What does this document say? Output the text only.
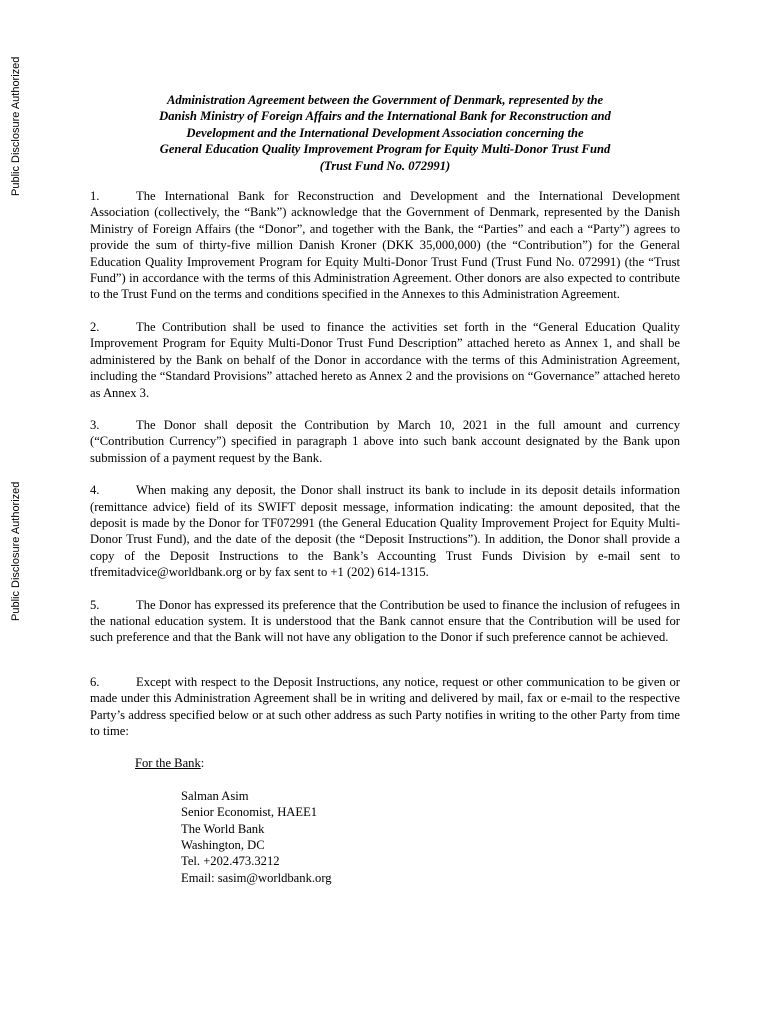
Public Disclosure Authorized
Public Disclosure Authorized
Administration Agreement between the Government of Denmark, represented by the
Danish Ministry of Foreign Affairs and the International Bank for Reconstruction and
Development and the International Development Association concerning the
General Education Quality Improvement Program for Equity Multi-Donor Trust Fund
(Trust Fund No. 072991)

1.	The International Bank for Reconstruction and Development and the International Development Association (collectively, the “Bank”) acknowledge that the Government of Denmark, represented by the Danish Ministry of Foreign Affairs (the “Donor”, and together with the Bank, the “Parties” and each a “Party”) agrees to provide the sum of thirty-five million Danish Kroner (DKK 35,000,000) (the “Contribution”) for the General Education Quality Improvement Program for Equity Multi-Donor Trust Fund (Trust Fund No. 072991) (the “Trust Fund”) in accordance with the terms of this Administration Agreement. Other donors are also expected to contribute to the Trust Fund on the terms and conditions specified in the Annexes to this Administration Agreement.

2.	The Contribution shall be used to finance the activities set forth in the “General Education Quality Improvement Program for Equity Multi-Donor Trust Fund Description” attached hereto as Annex 1, and shall be administered by the Bank on behalf of the Donor in accordance with the terms of this Administration Agreement, including the “Standard Provisions” attached hereto as Annex 2 and the provisions on “Governance” attached hereto as Annex 3.

3.	The Donor shall deposit the Contribution by March 10, 2021 in the full amount and currency (“Contribution Currency”) specified in paragraph 1 above into such bank account designated by the Bank upon submission of a payment request by the Bank.

4.	When making any deposit, the Donor shall instruct its bank to include in its deposit details information (remittance advice) field of its SWIFT deposit message, information indicating: the amount deposited, that the deposit is made by the Donor for TF072991 (the General Education Quality Improvement Project for Equity Multi-Donor Trust Fund), and the date of the deposit (the “Deposit Instructions”). In addition, the Donor shall provide a copy of the Deposit Instructions to the Bank’s Accounting Trust Funds Division by e-mail sent to tfremitadvice@worldbank.org or by fax sent to +1 (202) 614-1315.

5.	The Donor has expressed its preference that the Contribution be used to finance the inclusion of refugees in the national education system. It is understood that the Bank cannot ensure that the Contribution will be used for such preference and that the Bank will not have any obligation to the Donor if such preference cannot be achieved.

6.	Except with respect to the Deposit Instructions, any notice, request or other communication to be given or made under this Administration Agreement shall be in writing and delivered by mail, fax or e-mail to the respective Party’s address specified below or at such other address as such Party notifies in writing to the other Party from time to time:

For the Bank:
Salman Asim
Senior Economist, HAEE1
The World Bank
Washington, DC
Tel. +202.473.3212
Email: sasim@worldbank.org
